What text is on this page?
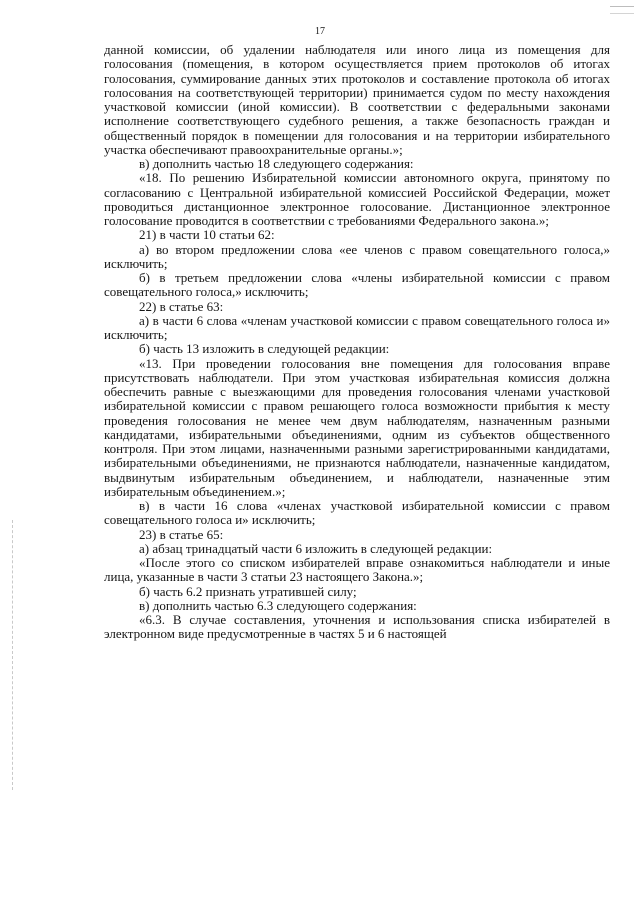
17

данной комиссии, об удалении наблюдателя или иного лица из помещения для голосования (помещения, в котором осуществляется прием протоколов об итогах голосования, суммирование данных этих протоколов и составление протокола об итогах голосования на соответствующей территории) принимается судом по месту нахождения участковой комиссии (иной комиссии). В соответствии с федеральными законами исполнение соответствующего судебного решения, а также безопасность граждан и общественный порядок в помещении для голосования и на территории избирательного участка обеспечивают правоохранительные органы.»;

в) дополнить частью 18 следующего содержания:

«18. По решению Избирательной комиссии автономного округа, принятому по согласованию с Центральной избирательной комиссией Российской Федерации, может проводиться дистанционное электронное голосование. Дистанционное электронное голосование проводится в соответствии с требованиями Федерального закона.»;

21) в части 10 статьи 62:

а) во втором предложении слова «ее членов с правом совещательного голоса,» исключить;

б) в третьем предложении слова «члены избирательной комиссии с правом совещательного голоса,» исключить;

22) в статье 63:

а) в части 6 слова «членам участковой комиссии с правом совещательного голоса и» исключить;

б) часть 13 изложить в следующей редакции:

«13. При проведении голосования вне помещения для голосования вправе присутствовать наблюдатели. При этом участковая избирательная комиссия должна обеспечить равные с выезжающими для проведения голосования членами участковой избирательной комиссии с правом решающего голоса возможности прибытия к месту проведения голосования не менее чем двум наблюдателям, назначенным разными кандидатами, избирательными объединениями, одним из субъектов общественного контроля. При этом лицами, назначенными разными зарегистрированными кандидатами, избирательными объединениями, не признаются наблюдатели, назначенные кандидатом, выдвинутым избирательным объединением, и наблюдатели, назначенные этим избирательным объединением.»;

в) в части 16 слова «членах участковой избирательной комиссии с правом совещательного голоса и» исключить;

23) в статье 65:

а) абзац тринадцатый части 6 изложить в следующей редакции:

«После этого со списком избирателей вправе ознакомиться наблюдатели и иные лица, указанные в части 3 статьи 23 настоящего Закона.»;

б) часть 6.2 признать утратившей силу;

в) дополнить частью 6.3 следующего содержания:

«6.3. В случае составления, уточнения и использования списка избирателей в электронном виде предусмотренные в частях 5 и 6 настоящей
